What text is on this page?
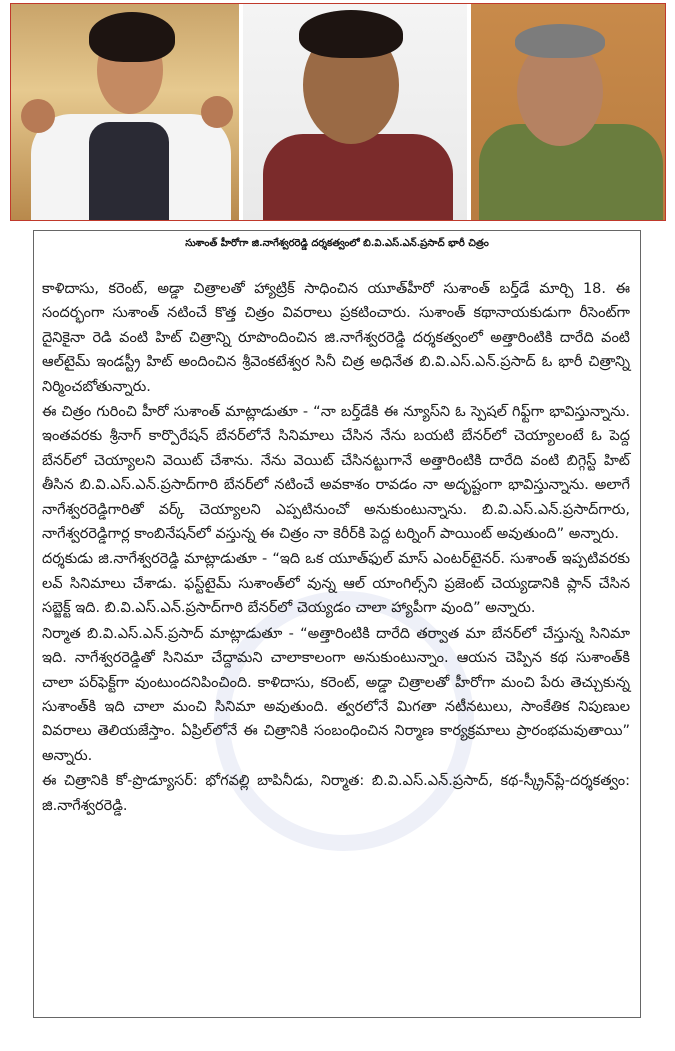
సుశాంత్ హీరోగా జి.నాగేశ్వరరెడ్డి దర్శకత్వంలో బి.వి.ఎస్.ఎన్.ప్రసాద్ భారీ చిత్రం

కాళిదాసు, కరెంట్, అడ్డా చిత్రాలతో హ్యాట్రిక్ సాధించిన యూత్‌హీరో సుశాంత్ బర్త్‌డే మార్చి 18. ఈ సందర్భంగా సుశాంత్ నటించే కొత్త చిత్రం వివరాలు ప్రకటించారు. సుశాంత్ కథానాయకుడుగా రీసెంట్‌గా దైనికైనా రెడి వంటి హిట్ చిత్రాన్ని రూపొందించిన జి.నాగేశ్వరరెడ్డి దర్శకత్వంలో అత్తారింటికి దారేది వంటి ఆల్‌టైమ్ ఇండస్ట్రీ హిట్ అందించిన శ్రీవెంకటేశ్వర సినీ చిత్ర అధినేత బి.వి.ఎస్.ఎన్.ప్రసాద్ ఓ భారీ చిత్రాన్ని నిర్మించబోతున్నారు.

ఈ చిత్రం గురించి హీరో సుశాంత్ మాట్లాడుతూ - “నా బర్త్‌డేకి ఈ న్యూస్‌ని ఓ స్పెషల్ గిఫ్ట్‌గా భావిస్తున్నాను. ఇంతవరకు శ్రీనాగ్ కార్పొరేషన్ బేనర్‌లోనే సినిమాలు చేసిన నేను బయటి బేనర్‌లో చెయ్యాలంటే ఓ పెద్ద బేనర్‌లో చెయ్యాలని వెయిట్ చేశాను. నేను వెయిట్ చేసినట్టుగానే అత్తారింటికి దారేది వంటి బిగ్గెస్ట్ హిట్ తీసిన బి.వి.ఎస్.ఎన్.ప్రసాద్‌గారి బేనర్‌లో నటించే అవకాశం రావడం నా అదృష్టంగా భావిస్తున్నాను. అలాగే నాగేశ్వరరెడ్డిగారితో వర్క్ చెయ్యాలని ఎప్పటినుంచో అనుకుంటున్నాను. బి.వి.ఎస్.ఎన్.ప్రసాద్‌గారు, నాగేశ్వరరెడ్డిగార్ల కాంబినేషన్‌లో వస్తున్న ఈ చిత్రం నా కెరీర్‌కి పెద్ద టర్నింగ్ పాయింట్ అవుతుంది” అన్నారు.

దర్శకుడు జి.నాగేశ్వరరెడ్డి మాట్లాడుతూ - “ఇది ఒక యూత్‌ఫుల్ మాస్ ఎంటర్‌టైనర్. సుశాంత్ ఇప్పటివరకు లవ్ సినిమాలు చేశాడు. ఫస్ట్‌టైమ్ సుశాంత్‌లో వున్న ఆల్ యాంగిల్స్‌ని ప్రజెంట్ చెయ్యడానికి ప్లాన్ చేసిన సబ్జెక్ట్ ఇది. బి.వి.ఎస్.ఎన్.ప్రసాద్‌గారి బేనర్‌లో చెయ్యడం చాలా హ్యాపీగా వుంది” అన్నారు.

నిర్మాత బి.వి.ఎస్.ఎన్.ప్రసాద్ మాట్లాడుతూ - “అత్తారింటికి దారేది తర్వాత మా బేనర్‌లో చేస్తున్న సినిమా ఇది. నాగేశ్వరరెడ్డితో సినిమా చేద్దామని చాలాకాలంగా అనుకుంటున్నాం. ఆయన చెప్పిన కథ సుశాంత్‌కి చాలా పర్‌ఫెక్ట్‌గా వుంటుందనిపించింది. కాళిదాసు, కరెంట్, అడ్డా చిత్రాలతో హీరోగా మంచి పేరు తెచ్చుకున్న సుశాంత్‌కి ఇది చాలా మంచి సినిమా అవుతుంది. త్వరలోనే మిగతా నటీనటులు, సాంకేతిక నిపుణుల వివరాలు తెలియజేస్తాం. ఏప్రిల్‌లోనే ఈ చిత్రానికి సంబంధించిన నిర్మాణ కార్యక్రమాలు ప్రారంభమవుతాయి” అన్నారు.

ఈ చిత్రానికి కో-ప్రొడ్యూసర్: భోగవల్లి బాపినీడు, నిర్మాత: బి.వి.ఎస్.ఎన్.ప్రసాద్, కథ-స్క్రీన్‌ప్లే-దర్శకత్వం: జి.నాగేశ్వరరెడ్డి.
